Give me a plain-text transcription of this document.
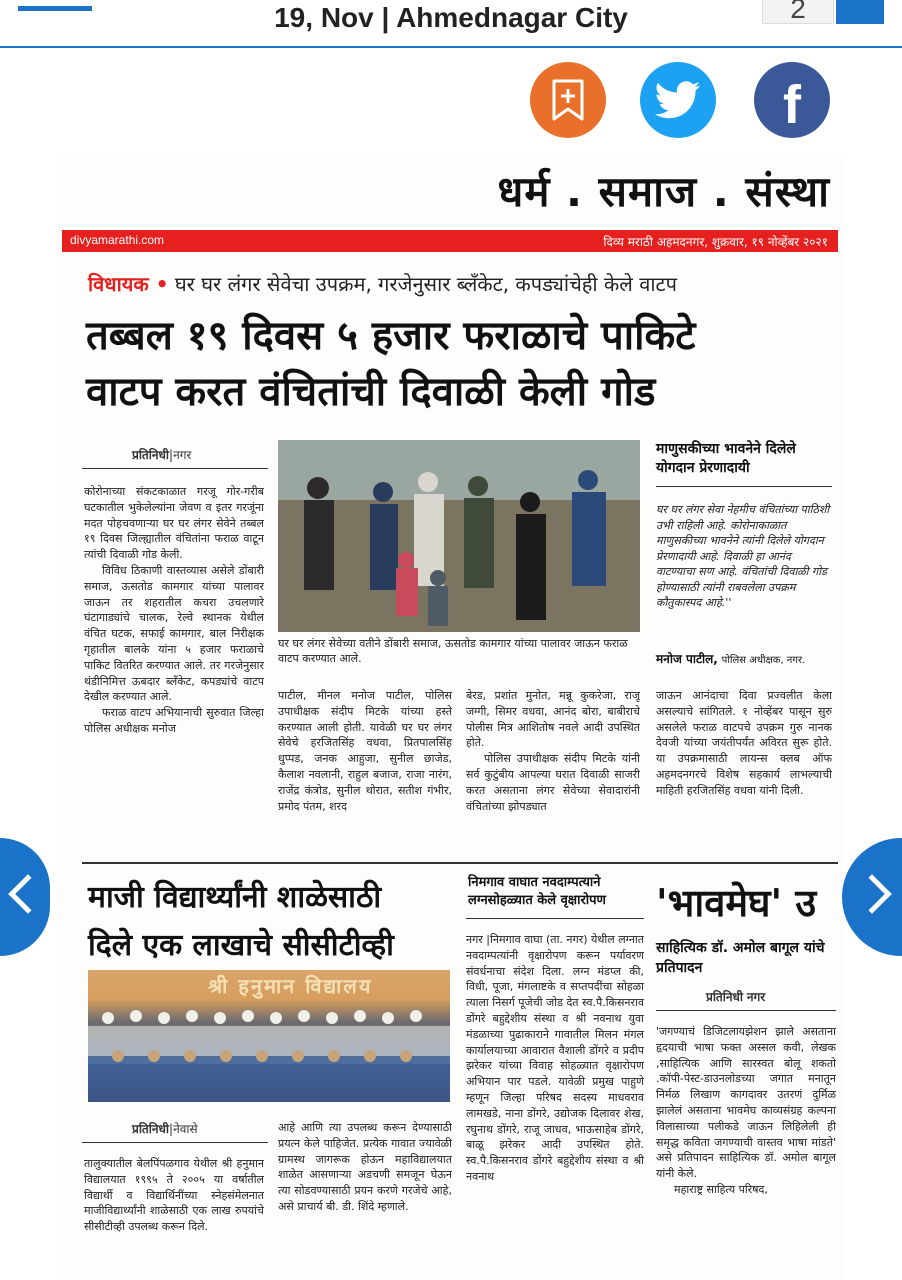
19, Nov | Ahmednagar City	2
f
धर्म . समाज . संस्था
divyamarathi.com	दिव्य मराठी अहमदनगर, शुक्रवार, १९ नोव्हेंबर २०२१
विधायक • घर घर लंगर सेवेचा उपक्रम, गरजेनुसार ब्लँकेट, कपड्यांचेही केले वाटप
तब्बल १९ दिवस ५ हजार फराळाचे पाकिटे
वाटप करत वंचितांची दिवाळी केली गोड
प्रतिनिधी|नगर

कोरोनाच्या संकटकाळात गरजू गोर-गरीब घटकातील भुकेलेल्यांना जेवण व इतर गरजूंना मदत पोहचवणाऱ्या घर घर लंगर सेवेने तब्बल १९ दिवस जिल्ह्यातील वंचितांना फराळ वाटून त्यांची दिवाळी गोड केली.

विविध ठिकाणी वास्तव्यास असेले डोंबारी समाज, ऊसतोड कामगार यांच्या पालावर जाऊन तर शहरातील कचरा उचलणारे घंटागाड्यांचे चालक, रेल्वे स्थानक येथील वंचित घटक, सफाई कामगार, बाल निरीक्षक गृहातील बालके यांना ५ हजार फराळाचे पाकिट वितरित करण्यात आले. तर गरजेनुसार थंडीनिमित्त ऊबदार ब्लँकेट, कपड्यांचे वाटप देखील करण्यात आले.

फराळ वाटप अभियानाची सुरुवात जिल्हा पोलिस अधीक्षक मनोज

घर घर लंगर सेवेच्या वतीने डोंबारी समाज, ऊसतोड कामगार यांच्या पालावर जाऊन फराळ वाटप करण्यात आले.
माणुसकीच्या भावनेने दिलेले योगदान प्रेरणादायी
घर घर लंगर सेवा नेहमीच वंचितांच्या पाठिशी उभी राहिली आहे. कोरोनाकाळात माणुसकीच्या भावनेने त्यांनी दिलेले योगदान प्रेरणादायी आहे. दिवाळी हा आनंद वाटण्याचा सण आहे. वंचितांची दिवाळी गोड होण्यासाठी त्यांनी राबवलेला उपक्रम कौतुकास्पद आहे.''
मनोज पाटील, पोलिस अधीक्षक, नगर.
पाटील, मीनल मनोज पाटील, पोलिस उपाधीक्षक संदीप मिटके यांच्या हस्ते करण्यात आली होती. यावेळी घर घर लंगर सेवेचे हरजितसिंह वधवा, प्रितपालसिंह धुप्पड, जनक आहुजा, सुनील छाजेड, कैलाश नवलानी, राहुल बजाज, राजा नारंग, राजेंद्र कंत्रोड, सुनील थोरात, सतीश गंभीर, प्रमोद पंतम, शरद

बेरड, प्रशांत मुनोत, मन्नू कुकरेजा, राजू जग्गी, सिमर वधवा, आनंद बोरा, बाबीराचे पोलीस मित्र आशितोष नवले आदी उपस्थित होते.

पोलिस उपाधीक्षक संदीप मिटके यांनी सर्व कुटुंबीय आपल्या घरात दिवाळी साजरी करत असताना लंगर सेवेच्या सेवादारांनी वंचितांच्या झोपड्यात

जाऊन आनंदाचा दिवा प्रज्वलीत केला असल्याचे सांगितले. १ नोव्हेंबर पासून सुरु असलेले फराळ वाटपचे उपक्रम गुरु नानक देवजी यांच्या जयंतीपर्यंत अविरत सुरू होते. या उपक्रमासाठी लायन्स क्लब ऑफ अहमदनगरचे विशेष सहकार्य लाभल्याची माहिती हरजितसिंह वधवा यांनी दिली.
माजी विद्यार्थ्यांनी शाळेसाठी
दिले एक लाखाचे सीसीटीव्ही
श्री हनुमान विद्यालय
प्रतिनिधी|नेवासे
तालुक्यातील बेलपिंपळगाव येथील श्री हनुमान विद्यालयात १९९५ ते २००५ या वर्षातील विद्यार्थी व विद्यार्थिनींच्या स्नेहसंमेलनात माजीविद्यार्थ्यांनी शाळेसाठी एक लाख रुपयांचे सीसीटीव्ही उपलब्ध करून दिले.
आहे आणि त्या उपलब्ध करून देण्यासाठी प्रयत्न केले पाहिजेत. प्रत्येक गावात ज्यावेळी ग्रामस्थ जागरूक होऊन महाविद्यालयात शाळेत आसणाऱ्या अडचणी समजून घेऊन त्या सोडवण्यासाठी प्रयन करणे गरजेचे आहे, असे प्राचार्य बी. डी. शिंदे म्हणाले.
निमगाव वाघात नवदाम्पत्याने लग्नसोहळ्यात केले वृक्षारोपण
नगर |निमगाव वाघा (ता. नगर) येथील लग्नात नवदाम्पत्यांनी वृक्षारोपण करून पर्यावरण संवर्धनाचा संदेश दिला. लग्न मंडप्ल की, विधी, पूजा, मंगलाष्टके व सप्तपदींचा सोहळा त्याला निसर्ग पूजेची जोड देत स्व.पै.किसनराव डोंगरे बहुद्देशीय संस्था व श्री नवनाथ युवा मंडळाच्या पुढाकाराने गावातील मिलन मंगल कार्यालयाच्या आवारात वैशाली डोंगरे व प्रदीप झरेकर यांच्या विवाह सोहळ्यात वृक्षारोपण अभियान पार पडले. यावेळी प्रमुख पाहुणे म्हणून जिल्हा परिषद सदस्य माधवराव लामखडे, नाना डोंगरे, उद्योजक दिलावर शेख, रघुनाथ डोंगरे, राजू जाधव, भाऊसाहेब डोंगरे, बाळू झरेकर आदी उपस्थित होते. स्व.पै.किसनराव डोंगरे बहुद्देशीय संस्था व श्री नवनाथ
'भावमेघ' उ
साहित्यिक डॉ. अमोल बागूल यांचे प्रतिपादन
प्रतिनिधी नगर

'जगण्याचं डिजिटलायझेशन झाले असताना हृदयाची भाषा फक्त अस्सल कवी, लेखक ,साहित्यिक आणि सारस्वत बोलू शकतो .कॉपी-पेस्ट-डाउनलोडच्या जगात मनातून निर्मळ लिखाण कागदावर उतरणं दुर्मिळ झालेलं असताना भावमेघ काव्यसंग्रह कल्पना विलासाच्या पलीकडे जाऊन लिहिलेली ही समृद्ध कविता जगण्याची वास्तव भाषा मांडते' असे प्रतिपादन साहित्यिक डॉ. अमोल बागूल यांनी केले.

महाराष्ट्र साहित्य परिषद,
